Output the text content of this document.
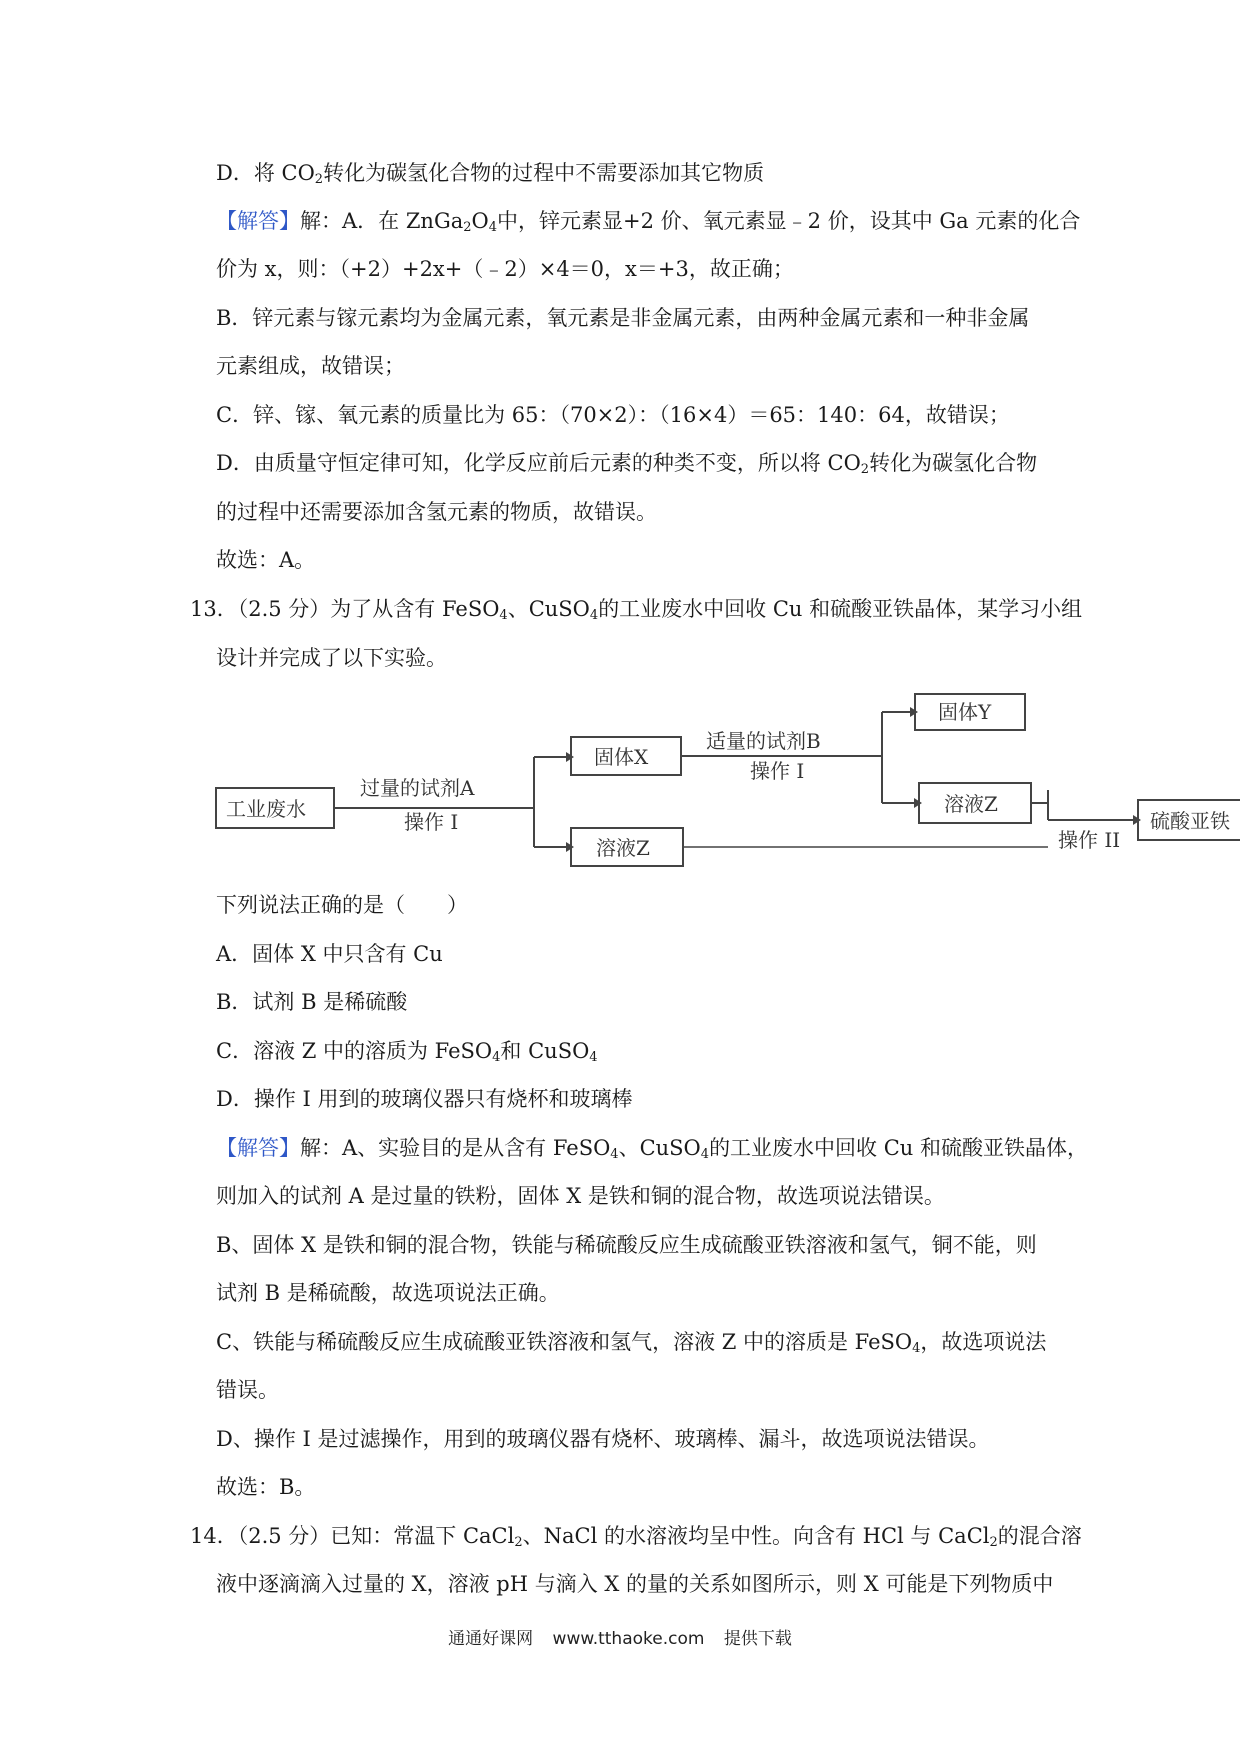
D．将 $CO_2$转化为碳氢化合物的过程中不需要添加其它物质
【解答】解：A．在 $ZnGa_2O_4$中，锌元素显+2 价、氧元素显﹣2 价，设其中 Ga 元素的化合
价为 x，则：（+2）+2x+（﹣2）×4＝0，x＝+3，故正确；
B．锌元素与镓元素均为金属元素，氧元素是非金属元素，由两种金属元素和一种非金属
元素组成，故错误；
C．锌、镓、氧元素的质量比为 65：（70×2）：（16×4）＝65：140：64，故错误；
D．由质量守恒定律可知，化学反应前后元素的种类不变，所以将 $CO_2$转化为碳氢化合物
的过程中还需要添加含氢元素的物质，故错误。
故选：A。
13．（2.5 分）为了从含有 FeSO$_4$、CuSO$_4$的工业废水中回收 Cu 和硫酸亚铁晶体，某学习小组
设计并完成了以下实验。
工业废水
过量的试剂A
操作 I
固体X
溶液Z
适量的试剂B
操作 I
固体Y
溶液Z
操作 II
硫酸亚铁
下列说法正确的是（　　）
A．固体 X 中只含有 Cu
B．试剂 B 是稀硫酸
C．溶液 Z 中的溶质为 FeSO$_4$和 CuSO$_4$
D．操作 I 用到的玻璃仪器只有烧杯和玻璃棒
【解答】解：A、实验目的是从含有 FeSO$_4$、CuSO$_4$的工业废水中回收 Cu 和硫酸亚铁晶体，
则加入的试剂 A 是过量的铁粉，固体 X 是铁和铜的混合物，故选项说法错误。
B、固体 X 是铁和铜的混合物，铁能与稀硫酸反应生成硫酸亚铁溶液和氢气，铜不能，则
试剂 B 是稀硫酸，故选项说法正确。
C、铁能与稀硫酸反应生成硫酸亚铁溶液和氢气，溶液 Z 中的溶质是 FeSO$_4$，故选项说法
错误。
D、操作 I 是过滤操作，用到的玻璃仪器有烧杯、玻璃棒、漏斗，故选项说法错误。
故选：B。
14．（2.5 分）已知：常温下 CaCl$_2$、NaCl 的水溶液均呈中性。向含有 HCl 与 CaCl$_2$的混合溶
液中逐滴滴入过量的 X，溶液 pH 与滴入 X 的量的关系如图所示，则 X 可能是下列物质中
通通好课网 www.tthaoke.com 提供下载
